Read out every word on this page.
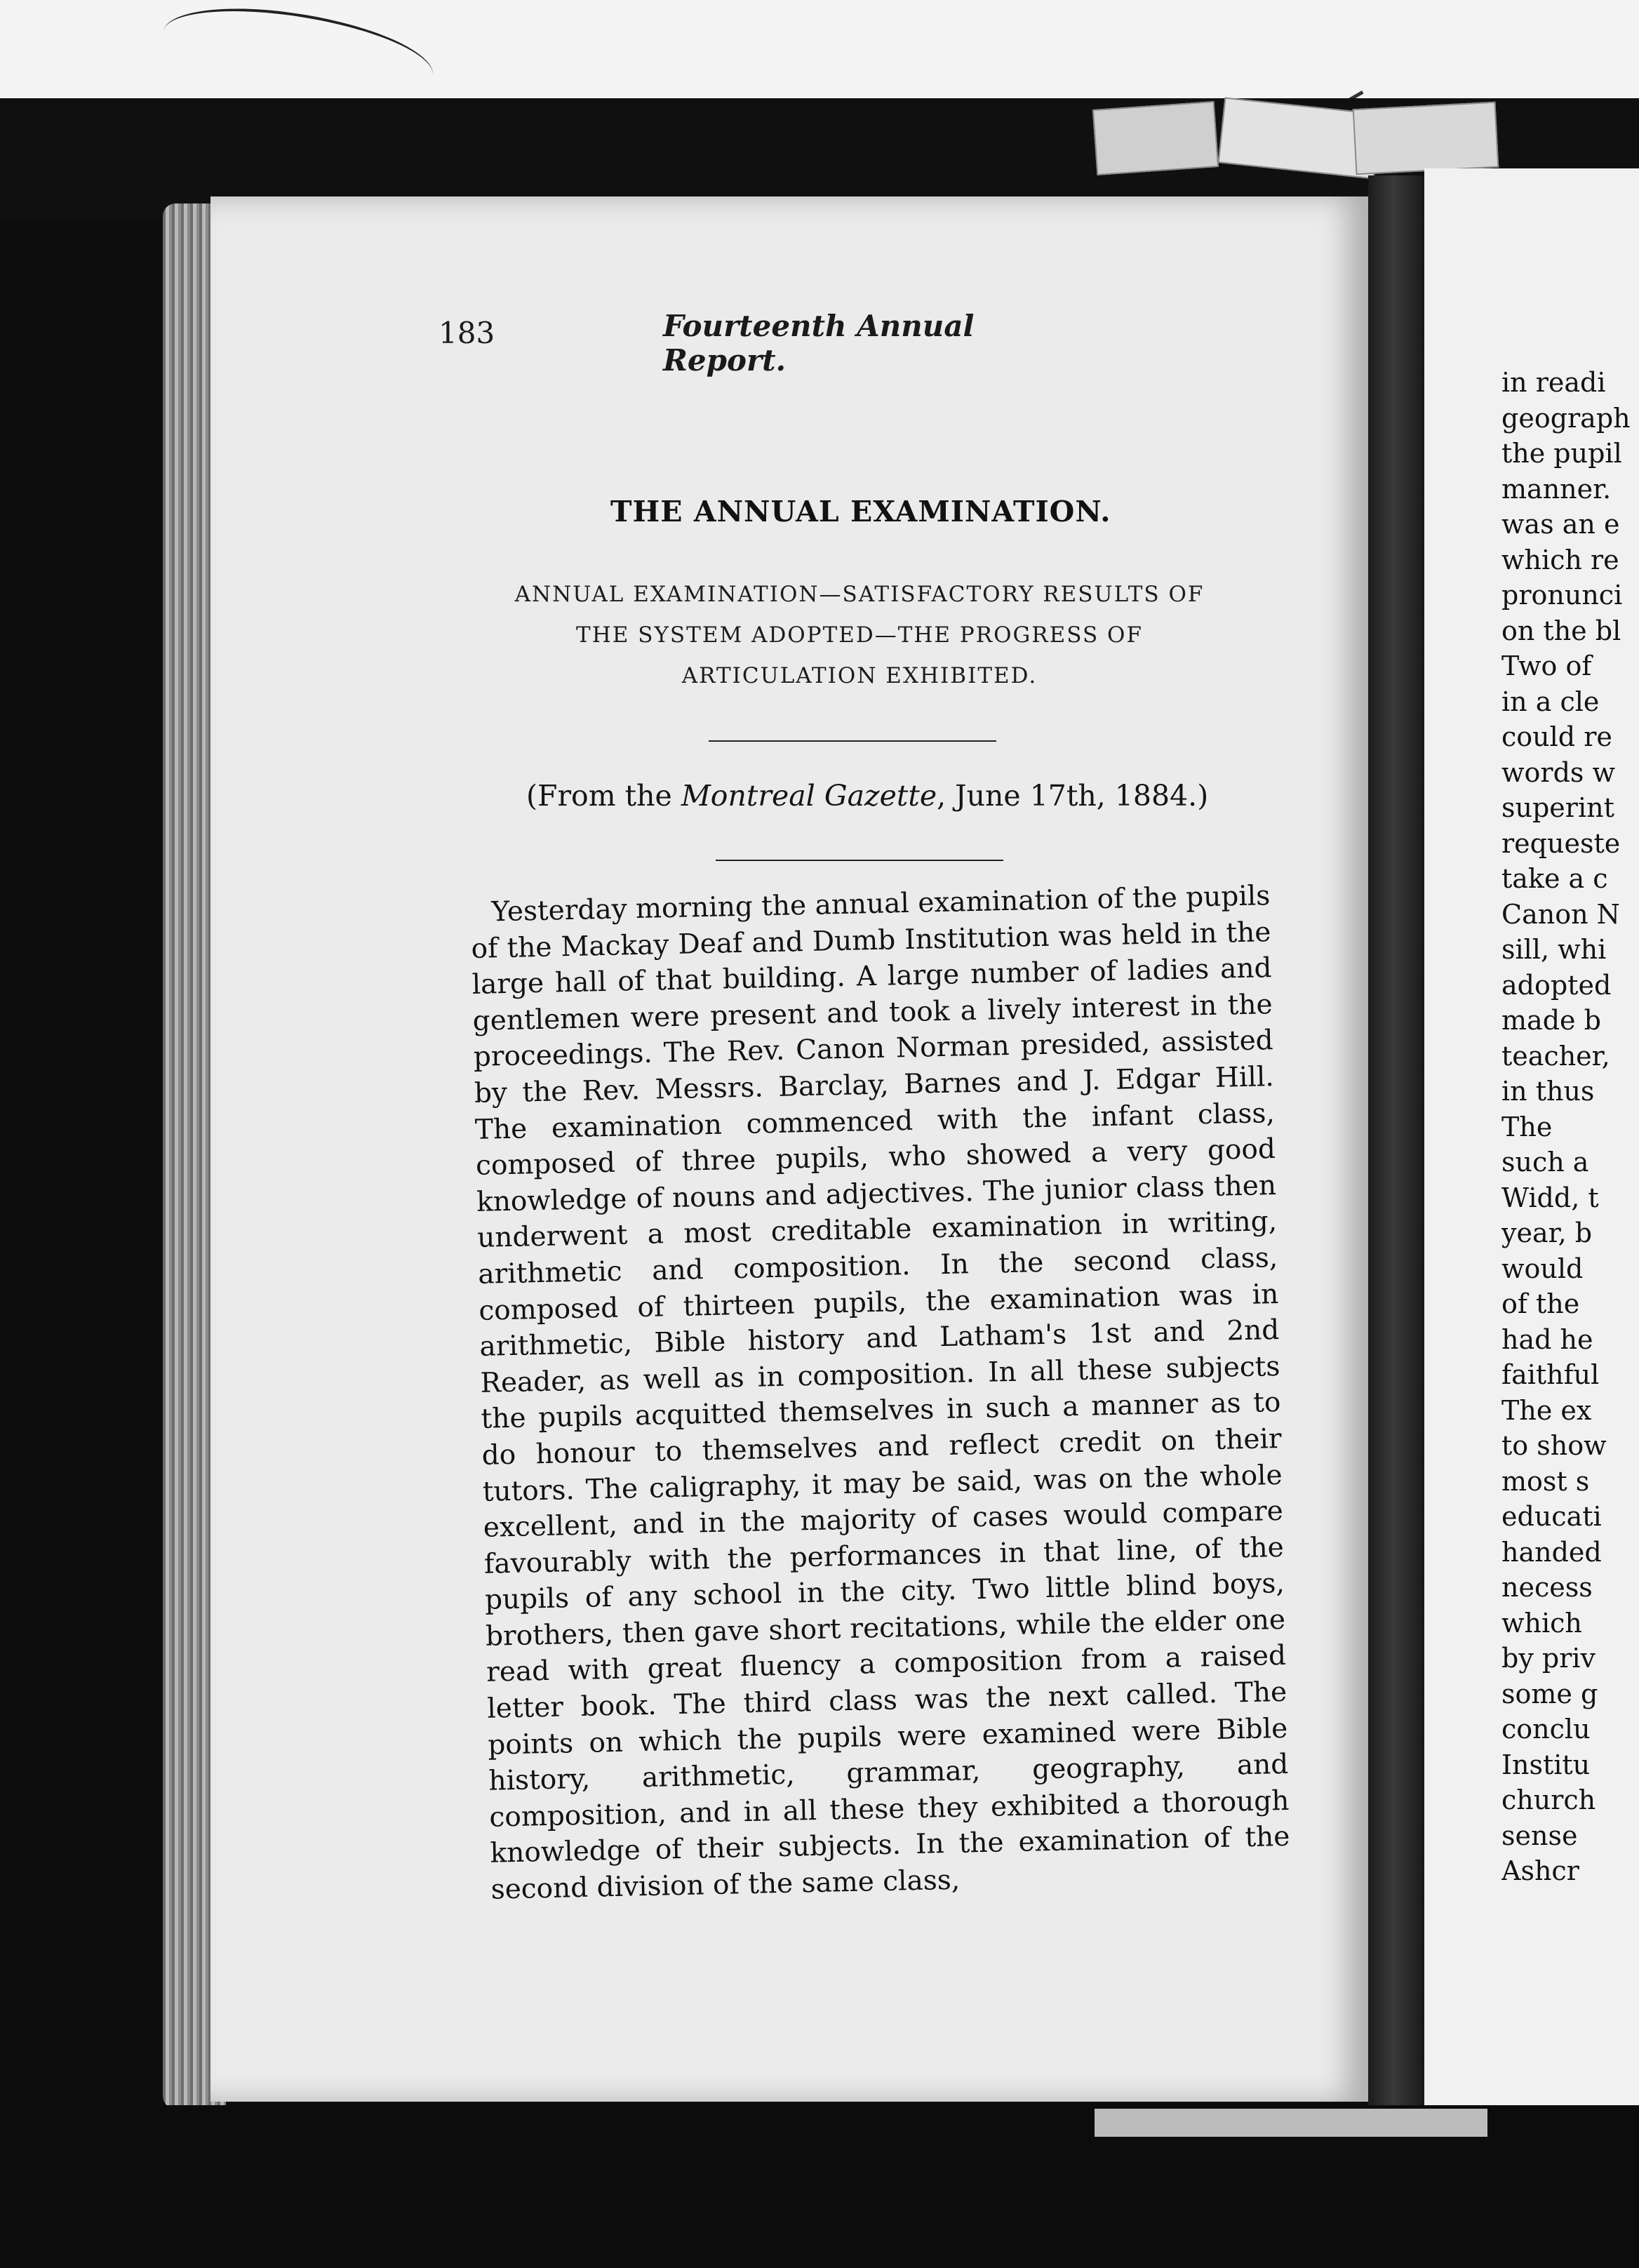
183	Fourteenth Annual Report.
THE ANNUAL EXAMINATION.
ANNUAL EXAMINATION—SATISFACTORY RESULTS OF
THE SYSTEM ADOPTED—THE PROGRESS OF
ARTICULATION EXHIBITED.
(From the Montreal Gazette, June 17th, 1884.)
Yesterday morning the annual examination of the pupils of the Mackay Deaf and Dumb Institution was held in the large hall of that building. A large number of ladies and gentlemen were present and took a lively interest in the proceedings. The Rev. Canon Norman presided, assisted by the Rev. Messrs. Barclay, Barnes and J. Edgar Hill. The examination commenced with the infant class, composed of three pupils, who showed a very good knowledge of nouns and adjectives. The junior class then underwent a most creditable examination in writing, arithmetic and composition. In the second class, composed of thirteen pupils, the examination was in arithmetic, Bible history and Latham's 1st and 2nd Reader, as well as in composition. In all these subjects the pupils acquitted themselves in such a manner as to do honour to themselves and reflect credit on their tutors. The caligraphy, it may be said, was on the whole excellent, and in the majority of cases would compare favourably with the performances in that line, of the pupils of any school in the city. Two little blind boys, brothers, then gave short recitations, while the elder one read with great fluency a composition from a raised letter book. The third class was the next called. The points on which the pupils were examined were Bible history, arithmetic, grammar, geography, and composition, and in all these they exhibited a thorough knowledge of their subjects. In the examination of the second division of the same class,
in readi
geograph
the pupil
manner.
was an e
which re
pronunci
on the bl
Two of
in a cle
could re
words w
superint
requeste
take a c
Canon N
sill, whi
adopted
made b
teacher,
in thus
The
such a
Widd, t
year, b
would
of the
had he
faithful
The ex
to show
most s
educati
handed
necess
which
by priv
some g
conclu
Institu
church
sense
Ashcr
